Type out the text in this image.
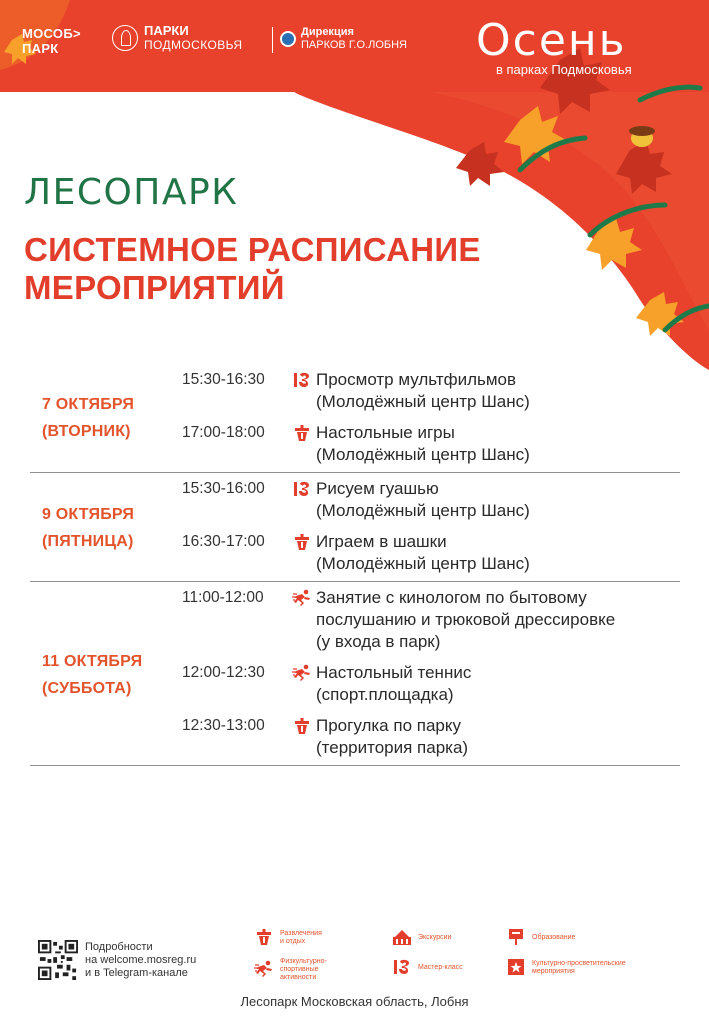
МОСОБ>
ПАРК
ПАРКИ
ПОДМОСКОВЬЯ
Дирекция
ПАРКОВ Г.О.ЛОБНЯ Осень
в парках Подмосковья
ЛЕСОПАРК
СИСТЕМНОЕ РАСПИСАНИЕ
МЕРОПРИЯТИЙ
7 ОКТЯБРЯ
(ВТОРНИК)
15:30-16:30	Просмотр мультфильмов
(Молодёжный центр Шанс)
17:00-18:00	Настольные игры
(Молодёжный центр Шанс)
9 ОКТЯБРЯ
(ПЯТНИЦА)
15:30-16:00	Рисуем гуашью
(Молодёжный центр Шанс)
16:30-17:00	Играем в шашки
(Молодёжный центр Шанс)
11 ОКТЯБРЯ
(СУББОТА)
11:00-12:00	Занятие с кинологом по бытовому
послушанию и трюковой дрессировке
(у входа в парк)
12:00-12:30	Настольный теннис
(спорт.площадка)
12:30-13:00	Прогулка по парку
(территория парка)
Подробности
на welcome.mosreg.ru
и в Telegram-канале
Развлечения
и отдых
Физкультурно-
спортивные
активности
Экскурсии
Мастер-класс
Образование
Культурно-просветительские
мероприятия
Лесопарк Московская область, Лобня
